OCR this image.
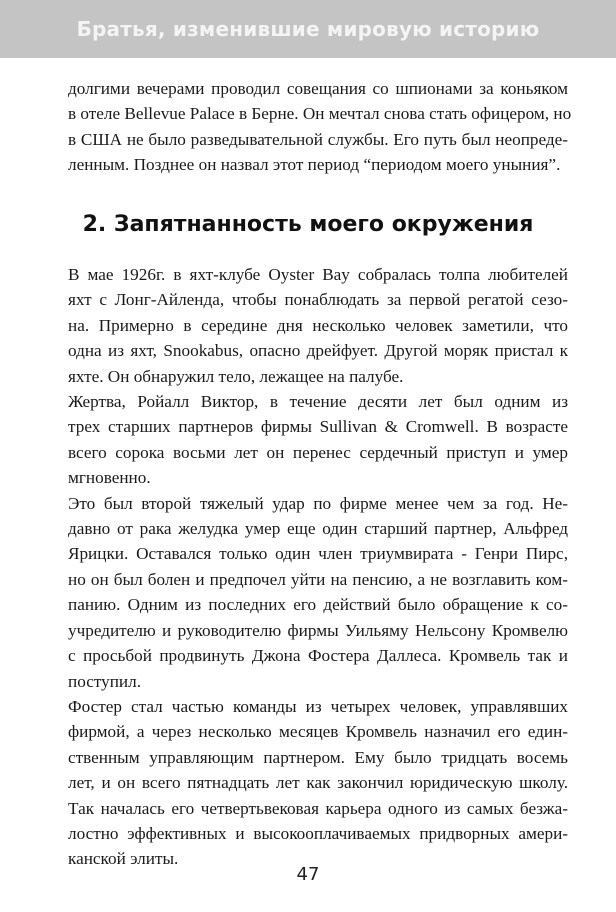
Братья, изменившие мировую историю

долгими вечерами проводил совещания со шпионами за коньяком
в отеле Bellevue Palace в Берне. Он мечтал снова стать офицером, но
в США не было разведывательной службы. Его путь был неопреде-
ленным. Позднее он назвал этот период “периодом моего уныния”.

2. Запятнанность моего окружения

В мае 1926г. в яхт-клубе Oyster Bay собралась толпа любителей
яхт с Лонг-Айленда, чтобы понаблюдать за первой регатой сезо-
на. Примерно в середине дня несколько человек заметили, что
одна из яхт, Snookabus, опасно дрейфует. Другой моряк пристал к
яхте. Он обнаружил тело, лежащее на палубе.

Жертва, Ройалл Виктор, в течение десяти лет был одним из
трех старших партнеров фирмы Sullivan & Cromwell. В возрасте
всего сорока восьми лет он перенес сердечный приступ и умер
мгновенно.

Это был второй тяжелый удар по фирме менее чем за год. Не-
давно от рака желудка умер еще один старший партнер, Альфред
Ярицки. Оставался только один член триумвирата - Генри Пирс,
но он был болен и предпочел уйти на пенсию, а не возглавить ком-
панию. Одним из последних его действий было обращение к со-
учредителю и руководителю фирмы Уильяму Нельсону Кромвелю
с просьбой продвинуть Джона Фостера Даллеса. Кромвель так и
поступил.

Фостер стал частью команды из четырех человек, управлявших
фирмой, а через несколько месяцев Кромвель назначил его един-
ственным управляющим партнером. Ему было тридцать восемь
лет, и он всего пятнадцать лет как закончил юридическую школу.
Так началась его четвертьвековая карьера одного из самых безжа-
лостно эффективных и высокооплачиваемых придворных амери-
канской элиты.

47
